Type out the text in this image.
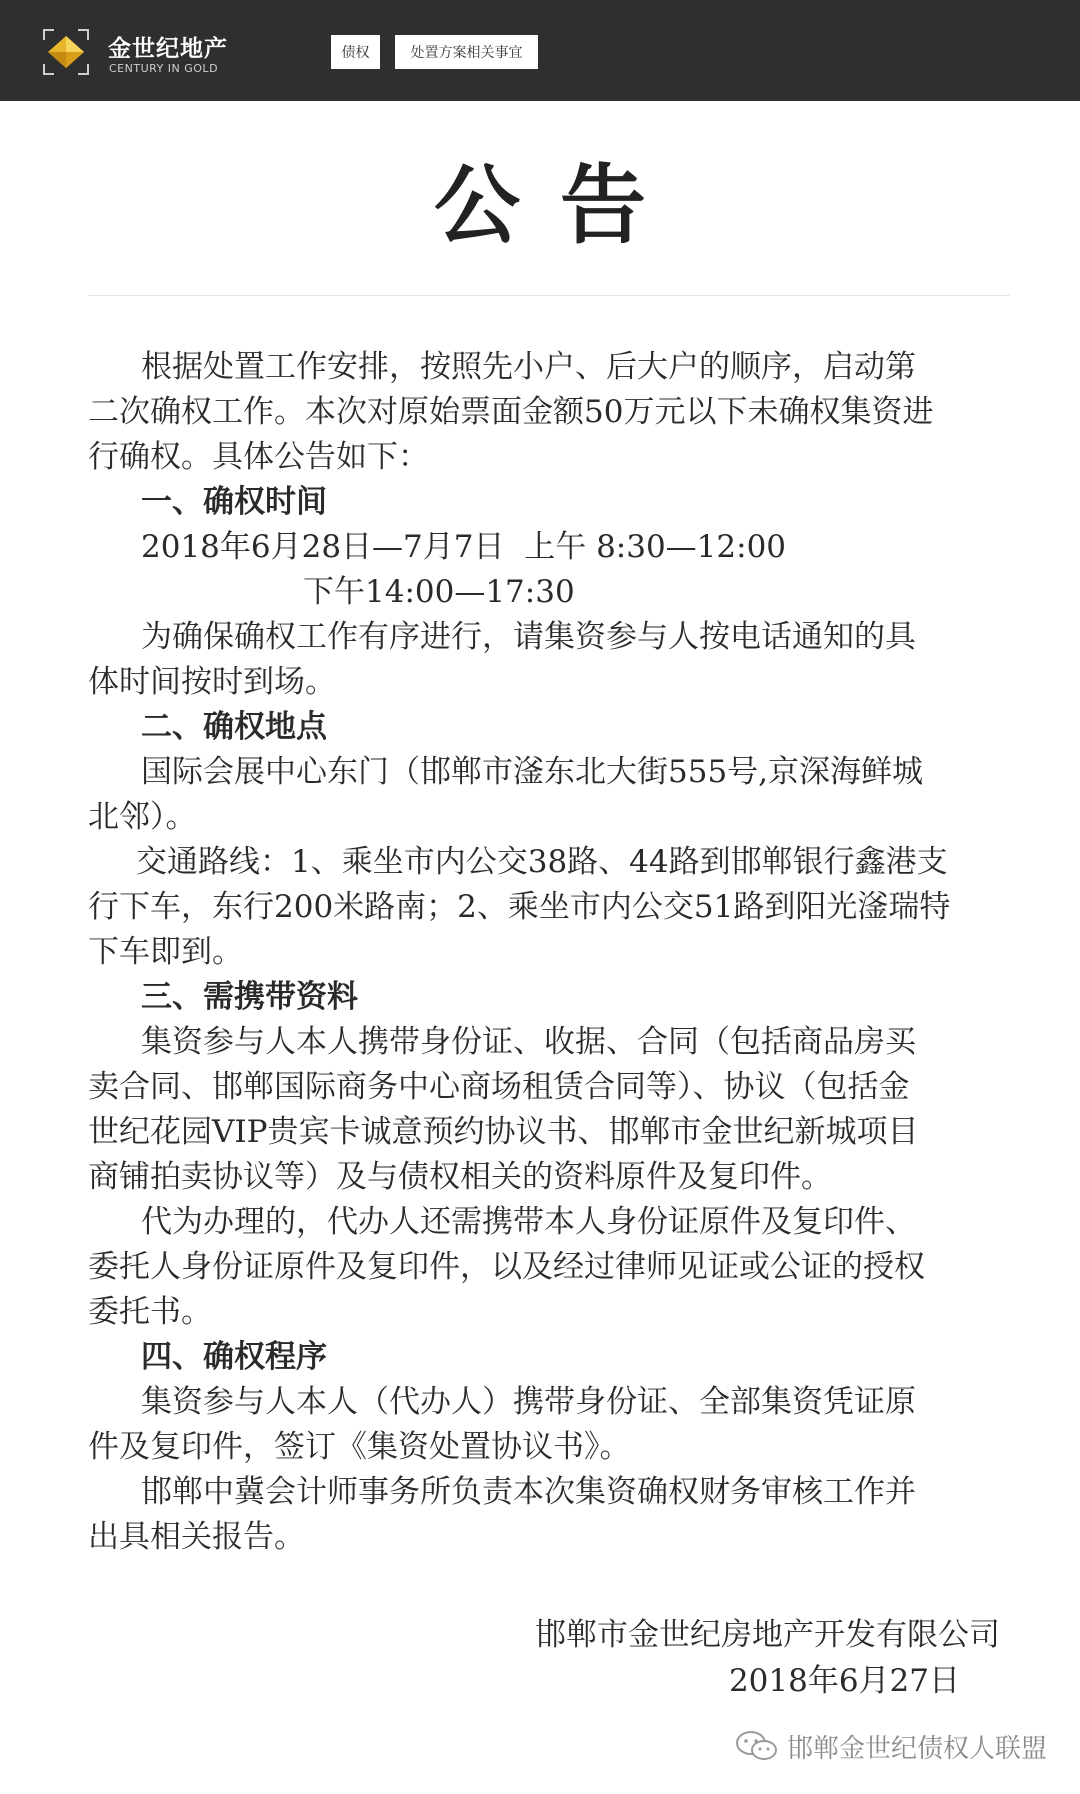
金世纪地产
CENTURY IN GOLD
债权	处置方案相关事宜
公告

根据处置工作安排，按照先小户、后大户的顺序，启动第

二次确权工作。本次对原始票面金额50万元以下未确权集资进

行确权。具体公告如下：

一、确权时间

2018年6月28日—7月7日  上午 8:30—12:00

下午14:00—17:30

为确保确权工作有序进行，请集资参与人按电话通知的具

体时间按时到场。

二、确权地点

国际会展中心东门（邯郸市滏东北大街555号,京深海鲜城

北邻）。

交通路线：1、乘坐市内公交38路、44路到邯郸银行鑫港支

行下车，东行200米路南；2、乘坐市内公交51路到阳光滏瑞特

下车即到。

三、需携带资料

集资参与人本人携带身份证、收据、合同（包括商品房买

卖合同、邯郸国际商务中心商场租赁合同等）、协议（包括金

世纪花园VIP贵宾卡诚意预约协议书、邯郸市金世纪新城项目

商铺拍卖协议等）及与债权相关的资料原件及复印件。

代为办理的，代办人还需携带本人身份证原件及复印件、

委托人身份证原件及复印件，以及经过律师见证或公证的授权

委托书。

四、确权程序

集资参与人本人（代办人）携带身份证、全部集资凭证原

件及复印件，签订《集资处置协议书》。

邯郸中冀会计师事务所负责本次集资确权财务审核工作并

出具相关报告。

邯郸市金世纪房地产开发有限公司
2018年6月27日
邯郸金世纪债权人联盟
